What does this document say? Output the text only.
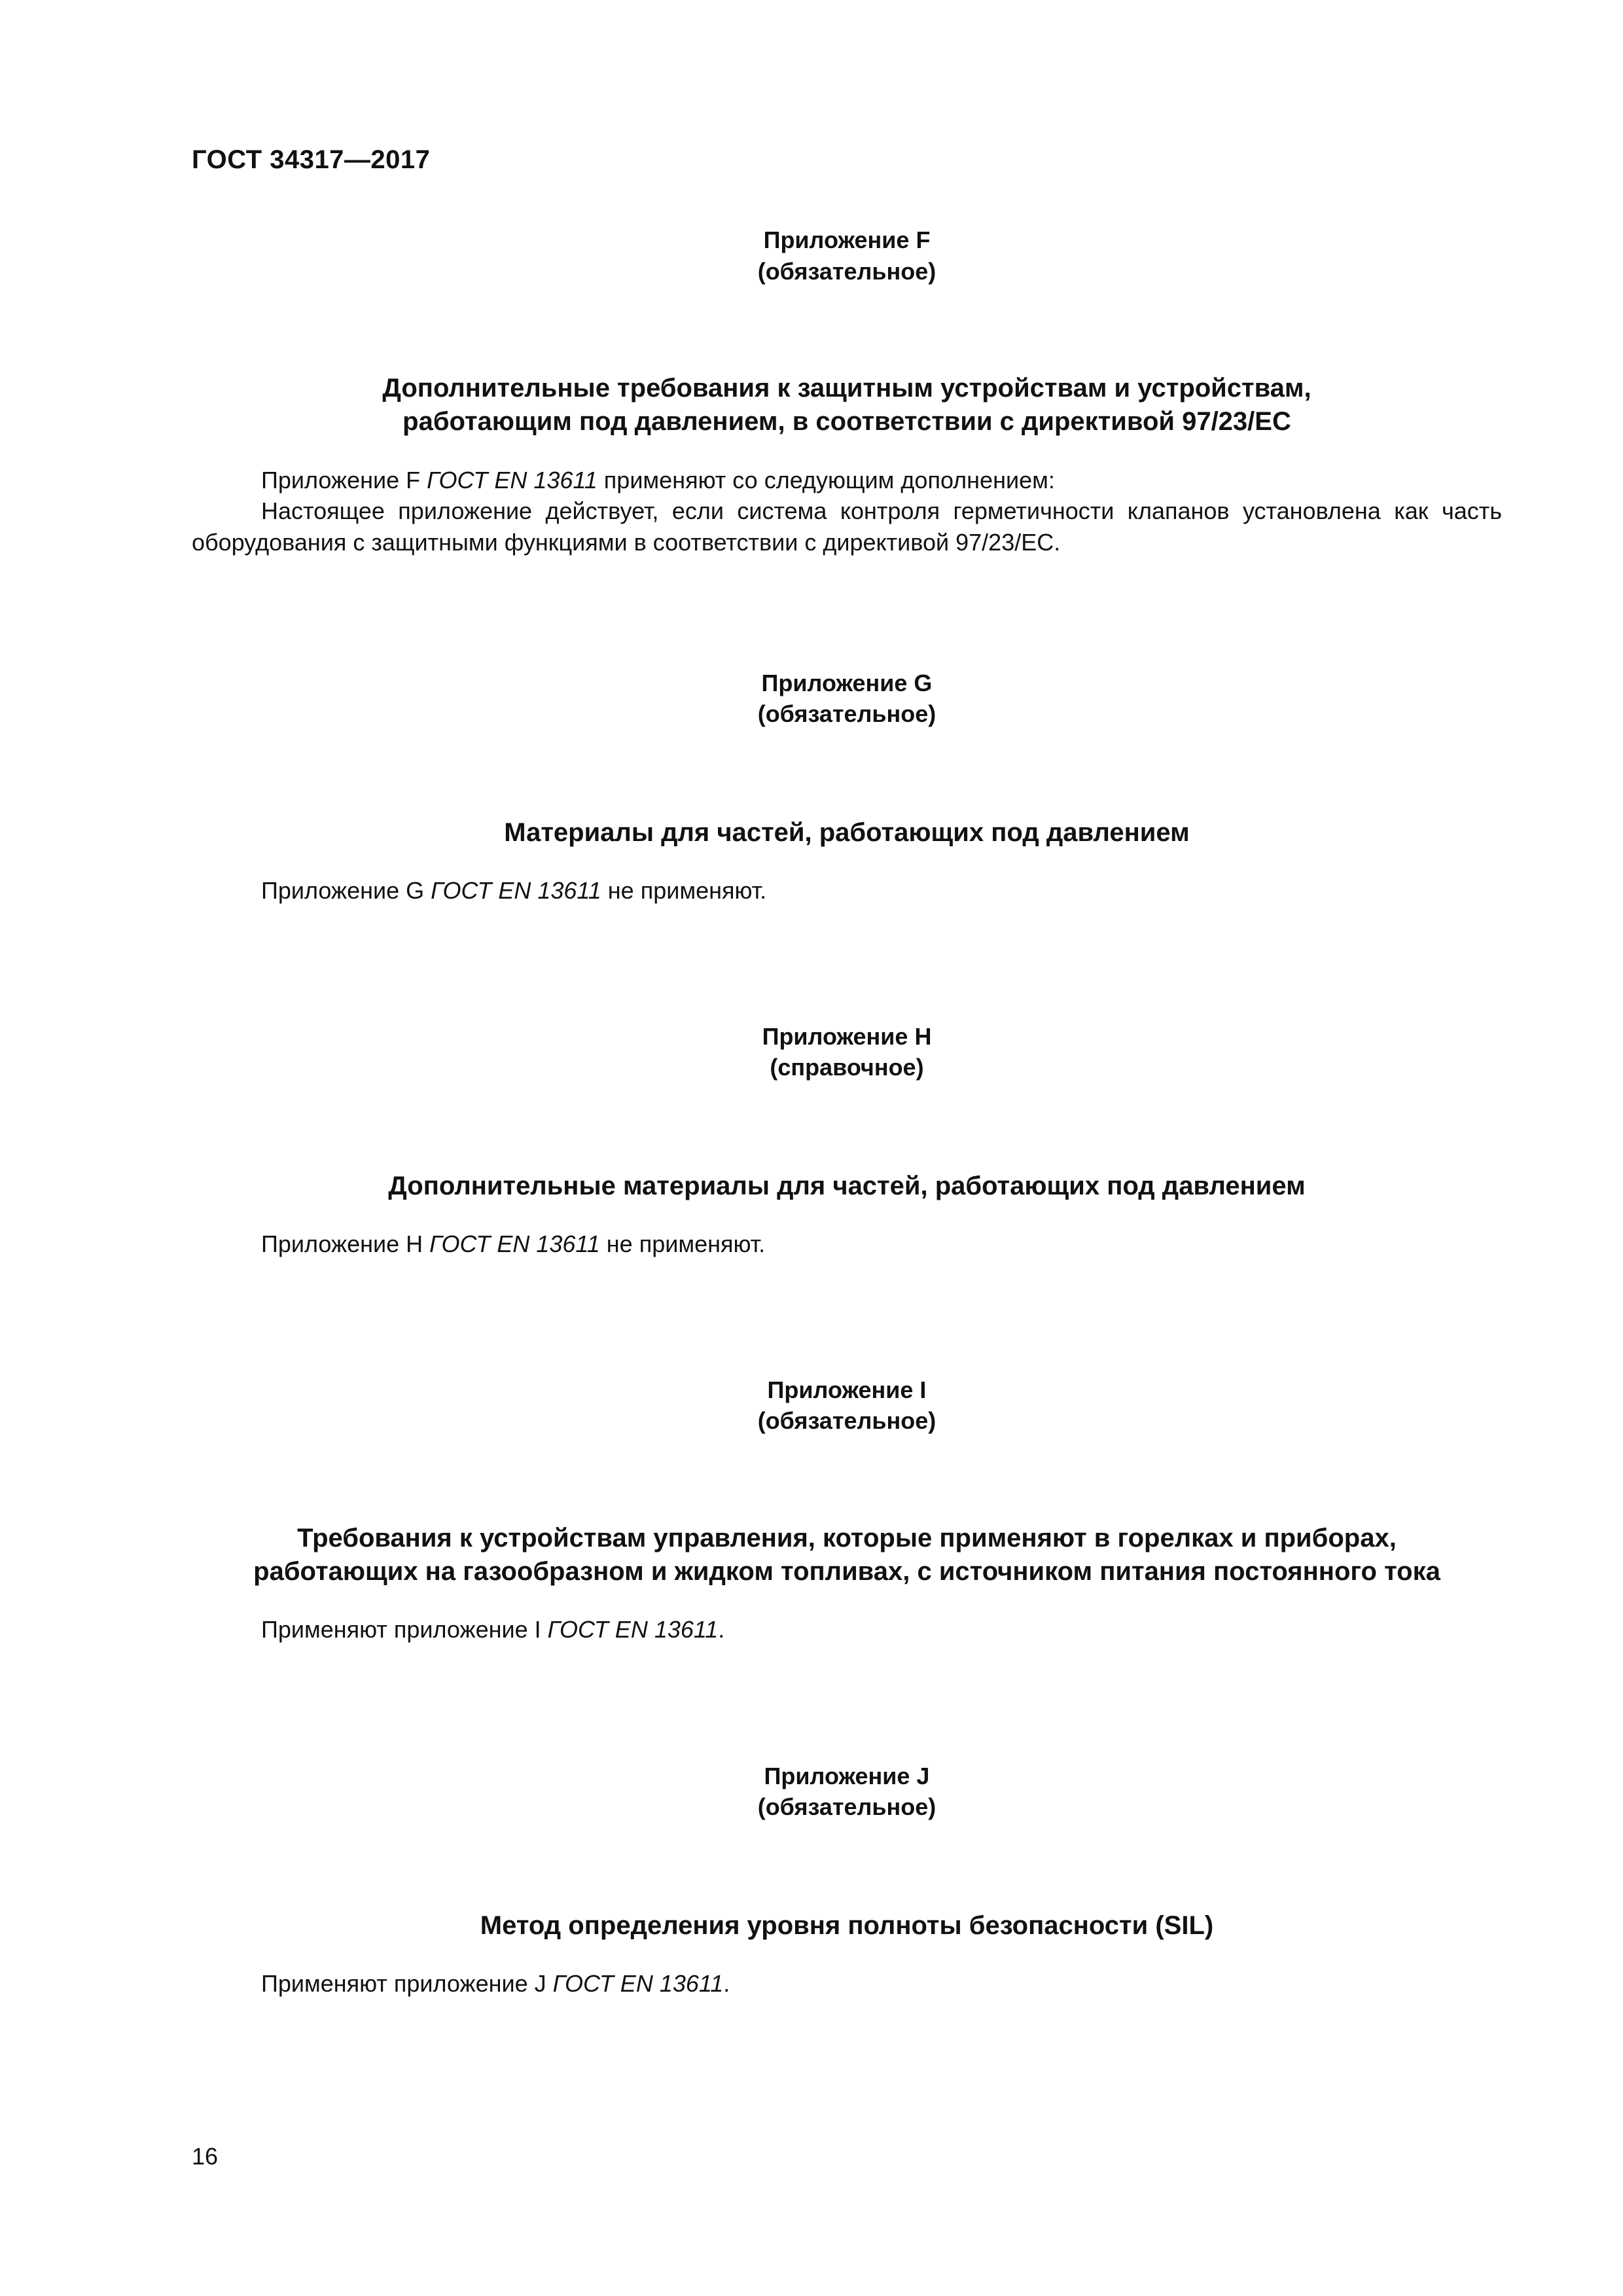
ГОСТ 34317—2017
Приложение F
(обязательное)
Дополнительные требования к защитным устройствам и устройствам,
работающим под давлением, в соответствии с директивой 97/23/EC
Приложение F ГОСТ EN 13611 применяют со следующим дополнением:
Настоящее приложение действует, если система контроля герметичности клапанов установлена как часть оборудования с защитными функциями в соответствии с директивой 97/23/EC.
Приложение G
(обязательное)
Материалы для частей, работающих под давлением
Приложение G ГОСТ EN 13611 не применяют.
Приложение Н
(справочное)
Дополнительные материалы для частей, работающих под давлением
Приложение Н ГОСТ EN 13611 не применяют.
Приложение I
(обязательное)
Требования к устройствам управления, которые применяют в горелках и приборах,
работающих на газообразном и жидком топливах, с источником питания постоянного тока
Применяют приложение I ГОСТ EN 13611.
Приложение J
(обязательное)
Метод определения уровня полноты безопасности (SIL)
Применяют приложение J ГОСТ EN 13611.
16
